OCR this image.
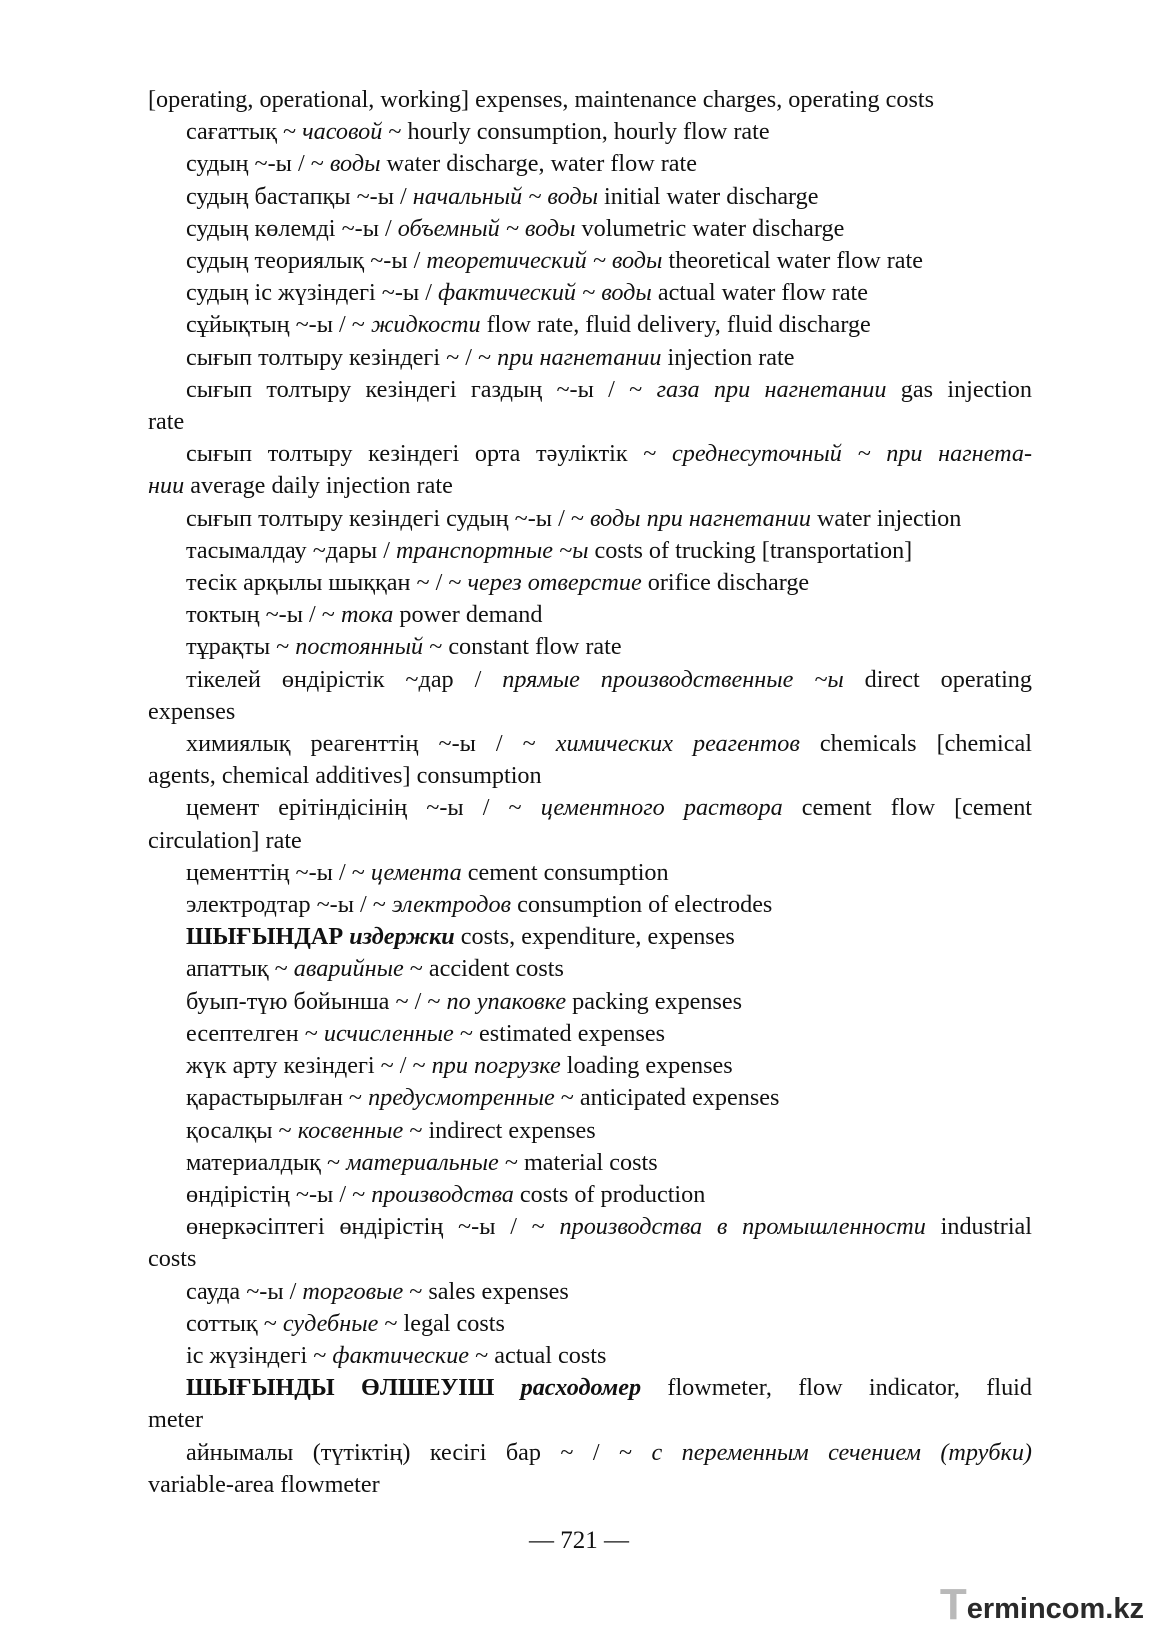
[operating, operational, working] expenses, maintenance charges, operating costs
сағаттық ~ часовой ~ hourly consumption, hourly flow rate
судың ~-ы / ~ воды water discharge, water flow rate
судың бастапқы ~-ы / начальный ~ воды initial water discharge
судың көлемді ~-ы / объемный ~ воды volumetric water discharge
судың теориялық ~-ы / теоретический ~ воды theoretical water flow rate
судың іс жүзіндегі ~-ы / фактический ~ воды actual water flow rate
сұйықтың ~-ы / ~ жидкости flow rate, fluid delivery, fluid discharge
сығып толтыру кезіндегі ~ / ~ при нагнетании injection rate
сығып толтыру кезіндегі газдың ~-ы / ~ газа при нагнетании gas injection
rate
сығып толтыру кезіндегі орта тәуліктік ~ среднесуточный ~ при нагнета-
нии average daily injection rate
сығып толтыру кезіндегі судың ~-ы / ~ воды при нагнетании water injection
тасымалдау ~дары / транспортные ~ы costs of trucking [transportation]
тесік арқылы шыққан ~ / ~ через отверстие orifice discharge
токтың ~-ы / ~ тока power demand
тұрақты ~ постоянный ~ constant flow rate
тікелей өндірістік ~дар / прямые производственные ~ы direct operating
expenses
химиялық реагенттің ~-ы / ~ химических реагентов chemicals [chemical
agents, chemical additives] consumption
цемент ерітіндісінің ~-ы / ~ цементного раствора cement flow [cement
circulation] rate
цементтің ~-ы / ~ цемента cement consumption
электродтар ~-ы / ~ электродов consumption of electrodes
ШЫҒЫНДАР издержки costs, expenditure, expenses
апаттық ~ аварийные ~ accident costs
буып-түю бойынша ~ / ~ по упаковке packing expenses
есептелген ~ исчисленные ~ estimated expenses
жүк арту кезіндегі ~ / ~ при погрузке loading expenses
қарастырылған ~ предусмотренные ~ anticipated expenses
қосалқы ~ косвенные ~ indirect expenses
материалдық ~ материальные ~ material costs
өндірістің ~-ы / ~ производства costs of production
өнеркәсіптегі өндірістің ~-ы / ~ производства в промышленности industrial
costs
сауда ~-ы / торговые ~ sales expenses
соттық ~ судебные ~ legal costs
іс жүзіндегі ~ фактические ~ actual costs
ШЫҒЫНДЫ ӨЛШЕУІШ расходомер flowmeter, flow indicator, fluid
meter
айнымалы (түтіктің) кесігі бар ~ / ~ с переменным сечением (трубки)
variable-area flowmeter
— 721 —
T ermincom.kz
